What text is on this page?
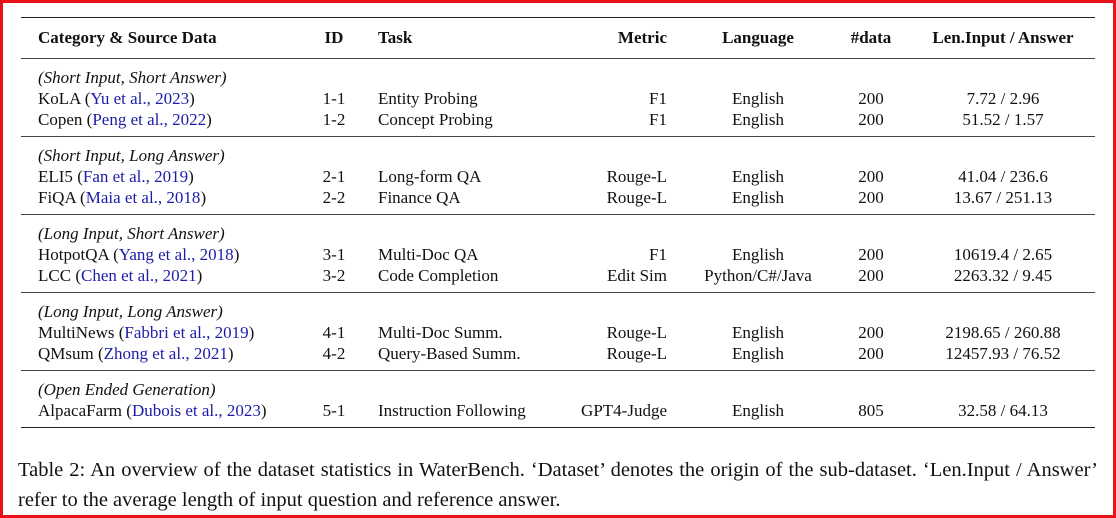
Category & Source Data	ID Task	Metric	Language	#data	Len.Input / Answer
(Short Input, Short Answer)
KoLA (Yu et al., 2023)	1-1 Entity Probing	F1	English	200	7.72 / 2.96
Copen (Peng et al., 2022)	1-2 Concept Probing	F1	English	200	51.52 / 1.57
(Short Input, Long Answer)
ELI5 (Fan et al., 2019)	2-1 Long-form QA	Rouge-L	English	200	41.04 / 236.6
FiQA (Maia et al., 2018)	2-2 Finance QA	Rouge-L	English	200	13.67 / 251.13
(Long Input, Short Answer)
HotpotQA (Yang et al., 2018)	3-1 Multi-Doc QA	F1	English	200	10619.4 / 2.65
LCC (Chen et al., 2021)	3-2 Code Completion	Edit Sim	Python/C#/Java	200	2263.32 / 9.45
(Long Input, Long Answer)
MultiNews (Fabbri et al., 2019)	4-1 Multi-Doc Summ.	Rouge-L	English	200	2198.65 / 260.88
QMsum (Zhong et al., 2021)	4-2 Query-Based Summ.	Rouge-L	English	200	12457.93 / 76.52
(Open Ended Generation)
AlpacaFarm (Dubois et al., 2023)	5-1 Instruction Following	GPT4-Judge	English	805	32.58 / 64.13
Table 2: An overview of the dataset statistics in WaterBench. ‘Dataset’ denotes the origin of the sub-dataset. ‘Len.Input / Answer’ refer to the average length of input question and reference answer.
